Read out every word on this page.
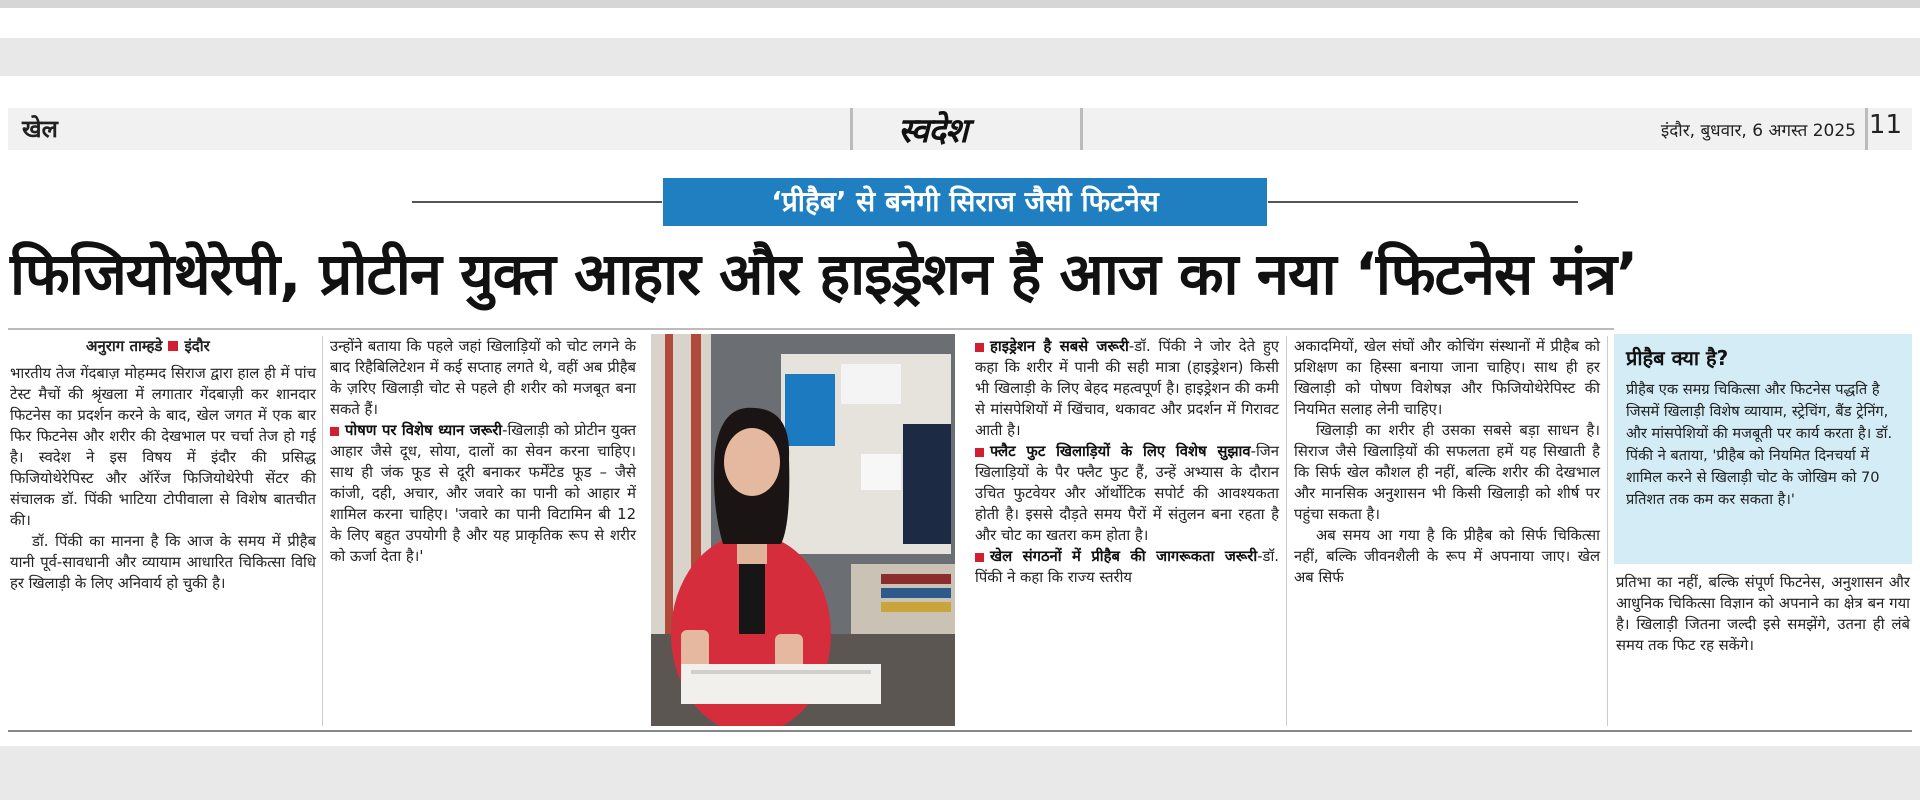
खेल	स्वदेश	इंदौर, बुधवार, 6 अगस्त 2025 11
‘प्रीहैब’ से बनेगी सिराज जैसी फिटनेस
फिजियोथेरेपी, प्रोटीन युक्त आहार और हाइड्रेशन है आज का नया ‘फिटनेस मंत्र’
अनुराग ताम्हडे इंदौर

भारतीय तेज गेंदबाज़ मोहम्मद सिराज द्वारा हाल ही में पांच टेस्ट मैचों की श्रृंखला में लगातार गेंदबाज़ी कर शानदार फिटनेस का प्रदर्शन करने के बाद, खेल जगत में एक बार फिर फिटनेस और शरीर की देखभाल पर चर्चा तेज हो गई है। स्वदेश ने इस विषय में इंदौर की प्रसिद्ध फिजियोथेरेपिस्ट और ऑरेंज फिजियोथेरेपी सेंटर की संचालक डॉ. पिंकी भाटिया टोपीवाला से विशेष बातचीत की।

डॉ. पिंकी का मानना है कि आज के समय में प्रीहैब यानी पूर्व-सावधानी और व्यायाम आधारित चिकित्सा विधि हर खिलाड़ी के लिए अनिवार्य हो चुकी है।

उन्होंने बताया कि पहले जहां खिलाड़ियों को चोट लगने के बाद रिहैबिलिटेशन में कई सप्ताह लगते थे, वहीं अब प्रीहैब के ज़रिए खिलाड़ी चोट से पहले ही शरीर को मजबूत बना सकते हैं।

पोषण पर विशेष ध्यान जरूरी-खिलाड़ी को प्रोटीन युक्त आहार जैसे दूध, सोया, दालों का सेवन करना चाहिए। साथ ही जंक फूड से दूरी बनाकर फर्मेंटेड फूड – जैसे कांजी, दही, अचार, और जवारे का पानी को आहार में शामिल करना चाहिए। 'जवारे का पानी विटामिन बी 12 के लिए बहुत उपयोगी है और यह प्राकृतिक रूप से शरीर को ऊर्जा देता है।'

हाइड्रेशन है सबसे जरूरी-डॉ. पिंकी ने जोर देते हुए कहा कि शरीर में पानी की सही मात्रा (हाइड्रेशन) किसी भी खिलाड़ी के लिए बेहद महत्वपूर्ण है। हाइड्रेशन की कमी से मांसपेशियों में खिंचाव, थकावट और प्रदर्शन में गिरावट आती है।

फ्लैट फुट खिलाड़ियों के लिए विशेष सुझाव-जिन खिलाड़ियों के पैर फ्लैट फुट हैं, उन्हें अभ्यास के दौरान उचित फुटवेयर और ऑर्थोटिक सपोर्ट की आवश्यकता होती है। इससे दौड़ते समय पैरों में संतुलन बना रहता है और चोट का खतरा कम होता है।

खेल संगठनों में प्रीहैब की जागरूकता जरूरी-डॉ. पिंकी ने कहा कि राज्य स्तरीय

अकादमियों, खेल संघों और कोचिंग संस्थानों में प्रीहैब को प्रशिक्षण का हिस्सा बनाया जाना चाहिए। साथ ही हर खिलाड़ी को पोषण विशेषज्ञ और फिजियोथेरेपिस्ट की नियमित सलाह लेनी चाहिए।

खिलाड़ी का शरीर ही उसका सबसे बड़ा साधन है। सिराज जैसे खिलाड़ियों की सफलता हमें यह सिखाती है कि सिर्फ खेल कौशल ही नहीं, बल्कि शरीर की देखभाल और मानसिक अनुशासन भी किसी खिलाड़ी को शीर्ष पर पहुंचा सकता है।

अब समय आ गया है कि प्रीहैब को सिर्फ चिकित्सा नहीं, बल्कि जीवनशैली के रूप में अपनाया जाए। खेल अब सिर्फ

प्रीहैब क्या है?

प्रीहैब एक समग्र चिकित्सा और फिटनेस पद्धति है जिसमें खिलाड़ी विशेष व्यायाम, स्ट्रेचिंग, बैंड ट्रेनिंग, और मांसपेशियों की मजबूती पर कार्य करता है। डॉ. पिंकी ने बताया, 'प्रीहैब को नियमित दिनचर्या में शामिल करने से खिलाड़ी चोट के जोखिम को 70 प्रतिशत तक कम कर सकता है।'

प्रतिभा का नहीं, बल्कि संपूर्ण फिटनेस, अनुशासन और आधुनिक चिकित्सा विज्ञान को अपनाने का क्षेत्र बन गया है। खिलाड़ी जितना जल्दी इसे समझेंगे, उतना ही लंबे समय तक फिट रह सकेंगे।
